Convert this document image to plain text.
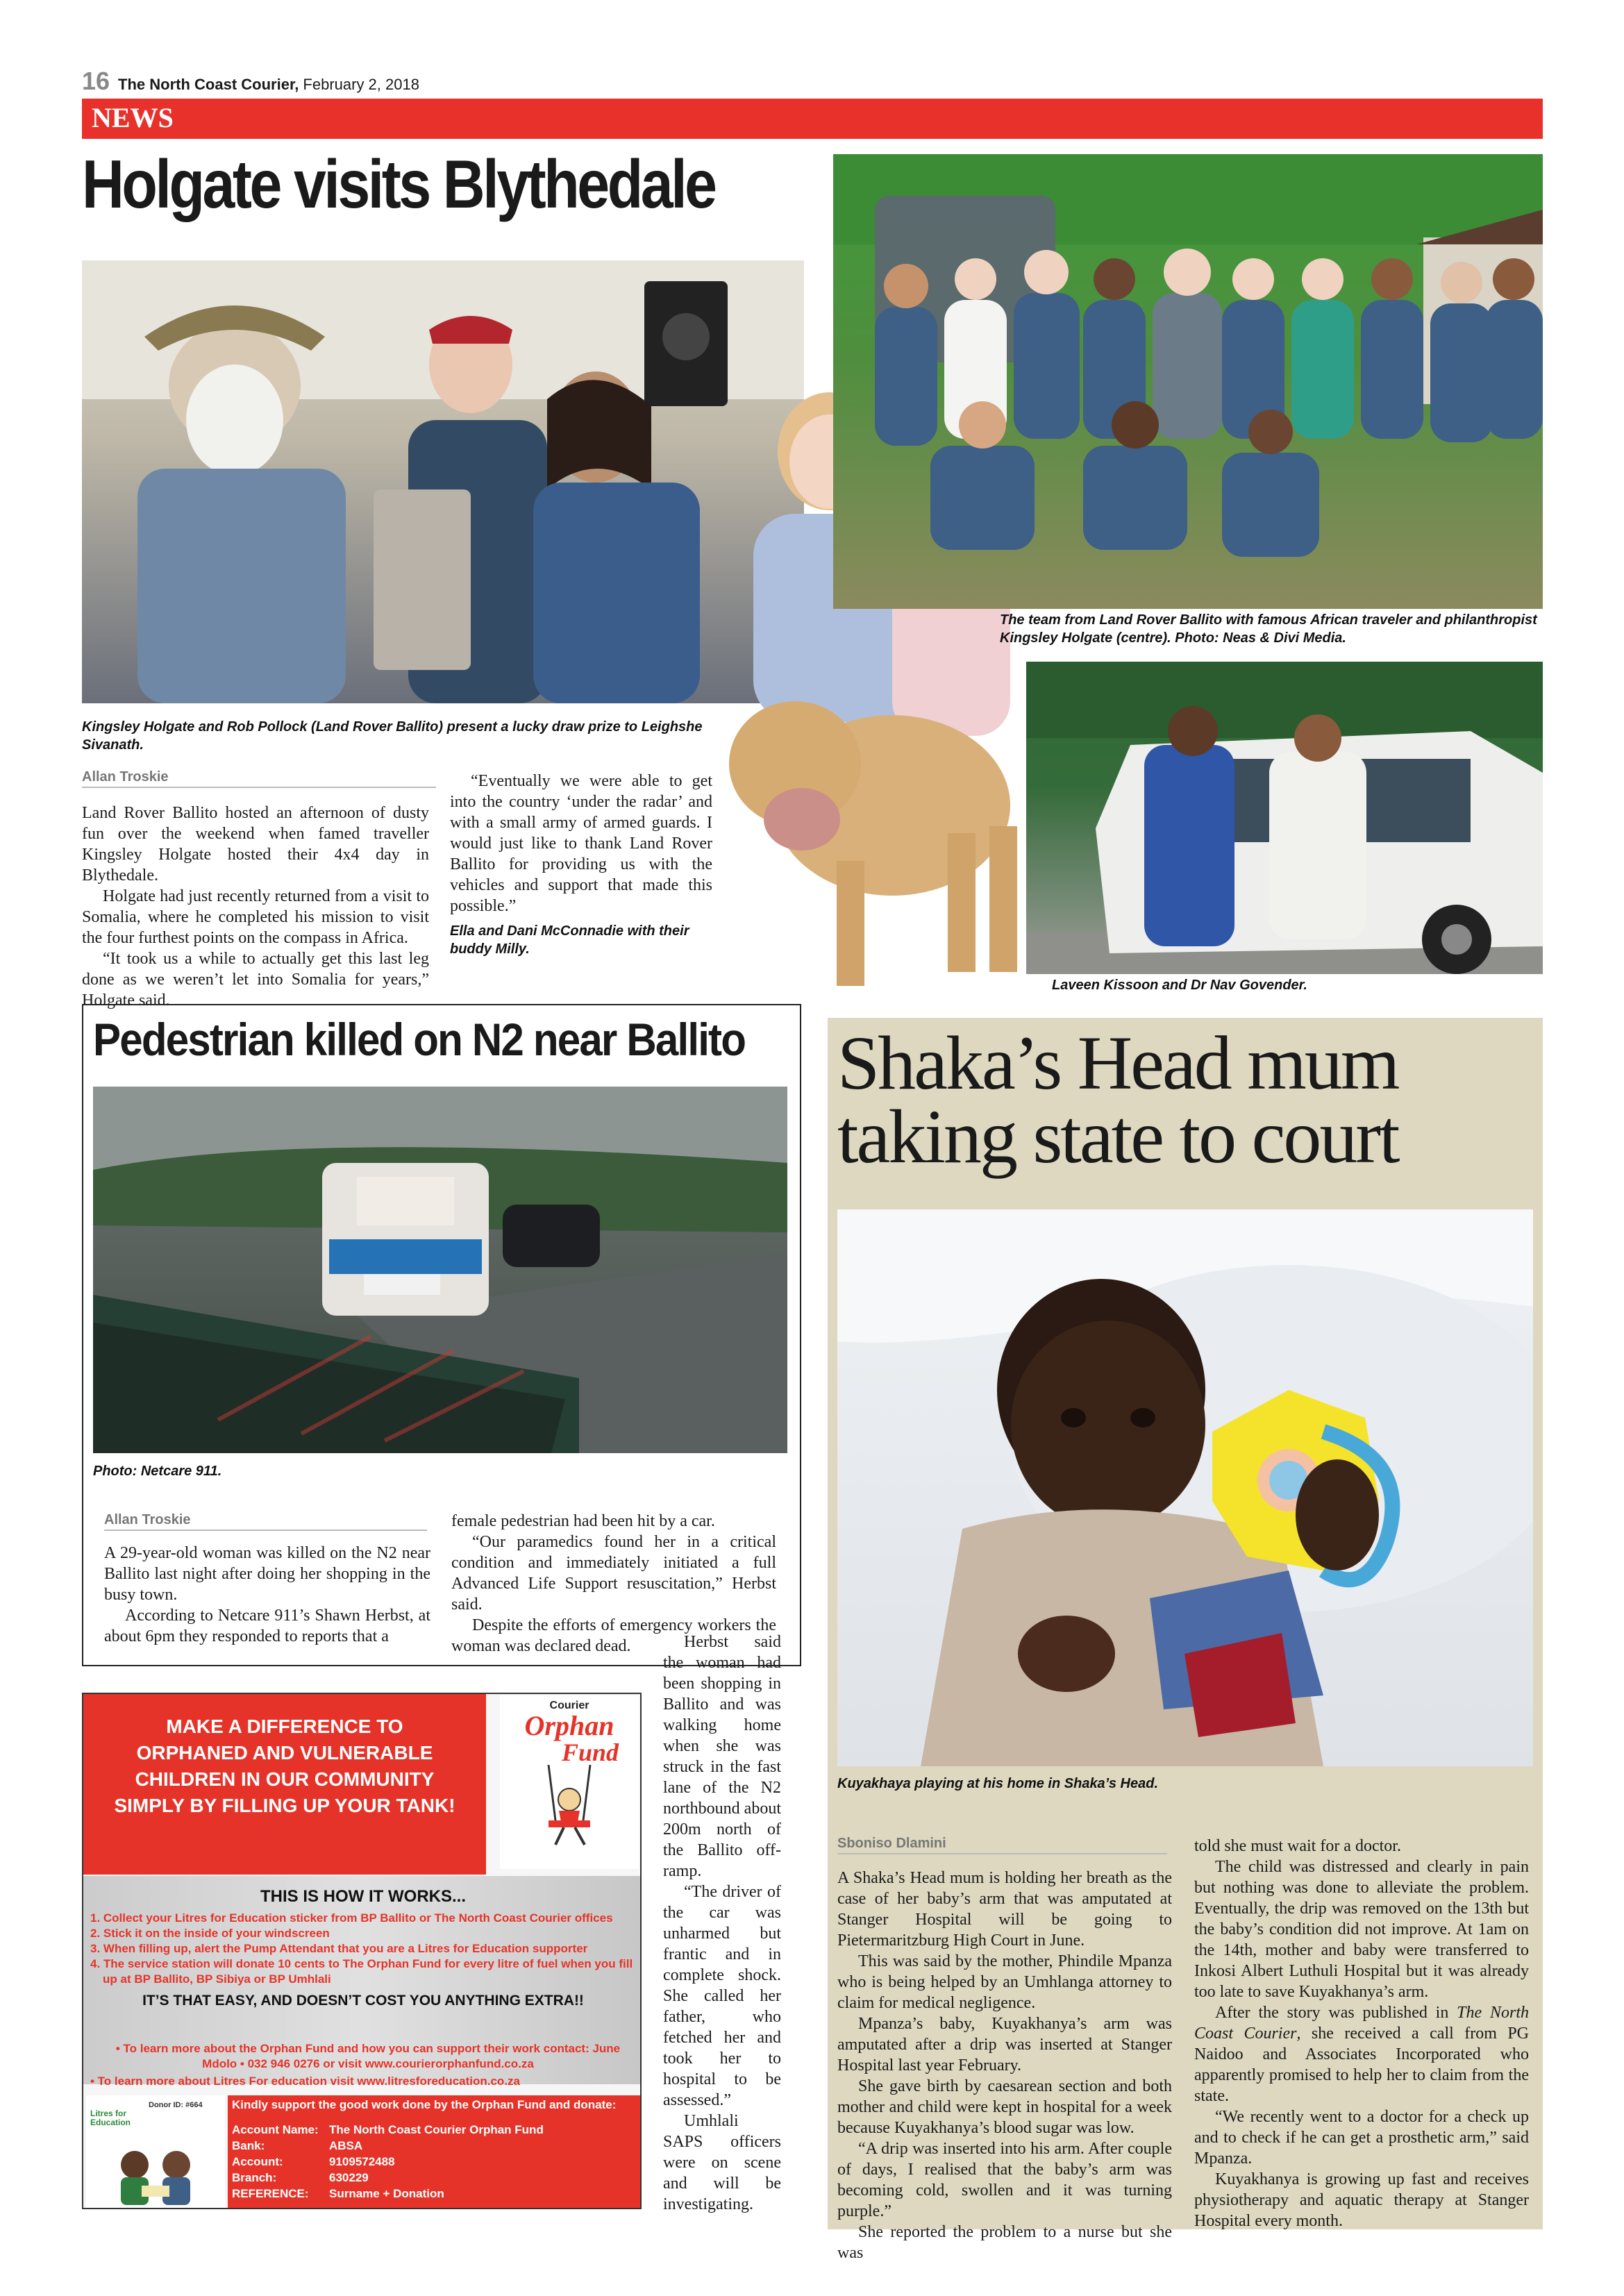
16 The North Coast Courier, February 2, 2018
NEWS
Holgate visits Blythedale
The team from Land Rover Ballito with famous African traveler and philanthropist Kingsley Holgate (centre). Photo: Neas & Divi Media.
Laveen Kissoon and Dr Nav Govender.
Kingsley Holgate and Rob Pollock (Land Rover Ballito) present a lucky draw prize to Leighshe Sivanath.
Allan Troskie

Land Rover Ballito hosted an afternoon of dusty fun over the weekend when famed traveller Kingsley Holgate hosted their 4x4 day in Blythedale.

Holgate had just recently returned from a visit to Somalia, where he completed his mission to visit the four furthest points on the compass in Africa.

“It took us a while to actually get this last leg done as we weren’t let into Somalia for years,” Holgate said.

“Eventually we were able to get into the country ‘under the radar’ and with a small army of armed guards. I would just like to thank Land Rover Ballito for providing us with the vehicles and support that made this possible.”

Ella and Dani McConnadie with their buddy Milly.
Pedestrian killed on N2 near Ballito
Photo: Netcare 911.
Allan Troskie

A 29-year-old woman was killed on the N2 near Ballito last night after doing her shopping in the busy town.

According to Netcare 911’s Shawn Herbst, at about 6pm they responded to reports that a

female pedestrian had been hit by a car.

“Our paramedics found her in a critical condition and immediately initiated a full Advanced Life Support resuscitation,” Herbst said.

Despite the efforts of emergency workers the woman was declared dead.	Herbst said the woman had been shopping in Ballito and was walking home when she was struck in the fast lane of the N2 northbound about 200m north of the Ballito off-ramp.

“The driver of the car was unharmed but frantic and in complete shock. She called her father, who fetched her and took her to hospital to be assessed.”

Umhlali SAPS officers were on scene and will be investigating.

MAKE A DIFFERENCE TO ORPHANED AND VULNERABLE CHILDREN IN OUR COMMUNITY SIMPLY BY FILLING UP YOUR TANK!
Courier
Orphan
Fund
THIS IS HOW IT WORKS...
1. Collect your Litres for Education sticker from BP Ballito or The North Coast Courier offices
2. Stick it on the inside of your windscreen
3. When filling up, alert the Pump Attendant that you are a Litres for Education supporter
4. The service station will donate 10 cents to The Orphan Fund for every litre of fuel when you fill up at BP Ballito, BP Sibiya or BP Umhlali
IT’S THAT EASY, AND DOESN’T COST YOU ANYTHING EXTRA!!
• To learn more about the Orphan Fund and how you can support their work contact: June Mdolo • 032 946 0276 or visit www.courierorphanfund.co.za
• To learn more about Litres For education visit www.litresforeducation.co.za
Donor ID: #664
Litres for Education
Kindly support the good work done by the Orphan Fund and donate:
Account Name: The North Coast Courier Orphan Fund
Bank:	ABSA
Account:	9109572488
Branch:	630229
REFERENCE:	Surname + Donation
Shaka’s Head mum
taking state to court
Kuyakhaya playing at his home in Shaka’s Head.
Sboniso Dlamini

A Shaka’s Head mum is holding her breath as the case of her baby’s arm that was amputated at Stanger Hospital will be going to Pietermaritzburg High Court in June.

This was said by the mother, Phindile Mpanza who is being helped by an Umhlanga attorney to claim for medical negligence.

Mpanza’s baby, Kuyakhanya’s arm was amputated after a drip was inserted at Stanger Hospital last year February.

She gave birth by caesarean section and both mother and child were kept in hospital for a week because Kuyakhanya’s blood sugar was low.

“A drip was inserted into his arm. After couple of days, I realised that the baby’s arm was becoming cold, swollen and it was turning purple.”

She reported the problem to a nurse but she was

told she must wait for a doctor.

The child was distressed and clearly in pain but nothing was done to alleviate the problem. Eventually, the drip was removed on the 13th but the baby’s condition did not improve. At 1am on the 14th, mother and baby were transferred to Inkosi Albert Luthuli Hospital but it was already too late to save Kuyakhanya’s arm.

After the story was published in The North Coast Courier, she received a call from PG Naidoo and Associates Incorporated who apparently promised to help her to claim from the state.

“We recently went to a doctor for a check up and to check if he can get a prosthetic arm,” said Mpanza.

Kuyakhanya is growing up fast and receives physiotherapy and aquatic therapy at Stanger Hospital every month.
